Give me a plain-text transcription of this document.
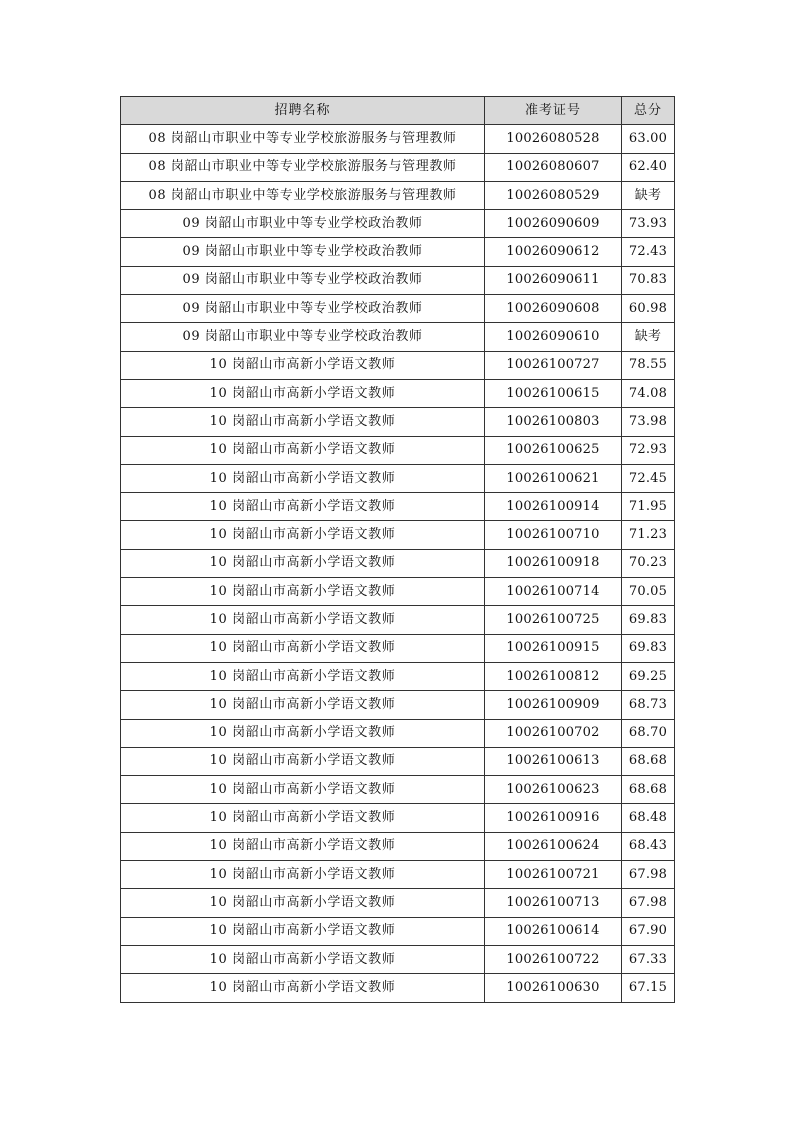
招聘名称	准考证号	总分
08 岗韶山市职业中等专业学校旅游服务与管理教师	10026080528	63.00
08 岗韶山市职业中等专业学校旅游服务与管理教师	10026080607	62.40
08 岗韶山市职业中等专业学校旅游服务与管理教师	10026080529	缺考
09 岗韶山市职业中等专业学校政治教师	10026090609	73.93
09 岗韶山市职业中等专业学校政治教师	10026090612	72.43
09 岗韶山市职业中等专业学校政治教师	10026090611	70.83
09 岗韶山市职业中等专业学校政治教师	10026090608	60.98
09 岗韶山市职业中等专业学校政治教师	10026090610	缺考
10 岗韶山市高新小学语文教师	10026100727	78.55
10 岗韶山市高新小学语文教师	10026100615	74.08
10 岗韶山市高新小学语文教师	10026100803	73.98
10 岗韶山市高新小学语文教师	10026100625	72.93
10 岗韶山市高新小学语文教师	10026100621	72.45
10 岗韶山市高新小学语文教师	10026100914	71.95
10 岗韶山市高新小学语文教师	10026100710	71.23
10 岗韶山市高新小学语文教师	10026100918	70.23
10 岗韶山市高新小学语文教师	10026100714	70.05
10 岗韶山市高新小学语文教师	10026100725	69.83
10 岗韶山市高新小学语文教师	10026100915	69.83
10 岗韶山市高新小学语文教师	10026100812	69.25
10 岗韶山市高新小学语文教师	10026100909	68.73
10 岗韶山市高新小学语文教师	10026100702	68.70
10 岗韶山市高新小学语文教师	10026100613	68.68
10 岗韶山市高新小学语文教师	10026100623	68.68
10 岗韶山市高新小学语文教师	10026100916	68.48
10 岗韶山市高新小学语文教师	10026100624	68.43
10 岗韶山市高新小学语文教师	10026100721	67.98
10 岗韶山市高新小学语文教师	10026100713	67.98
10 岗韶山市高新小学语文教师	10026100614	67.90
10 岗韶山市高新小学语文教师	10026100722	67.33
10 岗韶山市高新小学语文教师	10026100630	67.15
